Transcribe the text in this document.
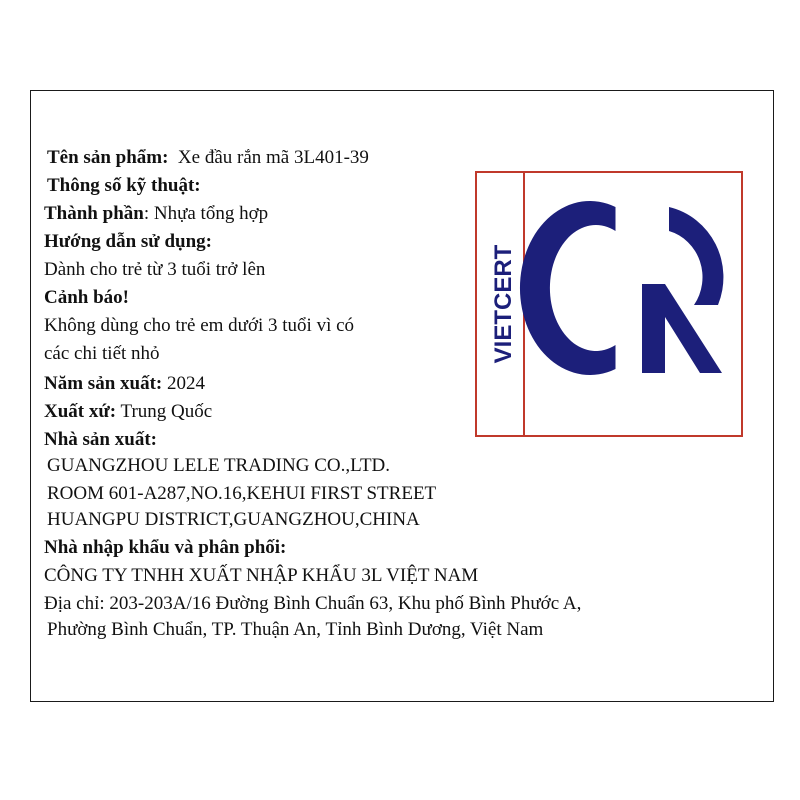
Tên sản phẩm: Xe đầu rắn mã 3L401-39
Thông số kỹ thuật:
Thành phần: Nhựa tổng hợp
Hướng dẫn sử dụng:
Dành cho trẻ từ 3 tuổi trở lên
Cảnh báo!
Không dùng cho trẻ em dưới 3 tuổi vì có
các chi tiết nhỏ
Năm sản xuất: 2024
Xuất xứ: Trung Quốc
Nhà sản xuất:
GUANGZHOU LELE TRADING CO.,LTD.
ROOM 601-A287,NO.16,KEHUI FIRST STREET
HUANGPU DISTRICT,GUANGZHOU,CHINA
Nhà nhập khẩu và phân phối:
CÔNG TY TNHH XUẤT NHẬP KHẨU 3L VIỆT NAM
Địa chỉ: 203-203A/16 Đường Bình Chuẩn 63, Khu phố Bình Phước A,
Phường Bình Chuẩn, TP. Thuận An, Tỉnh Bình Dương, Việt Nam
VIETCERT
